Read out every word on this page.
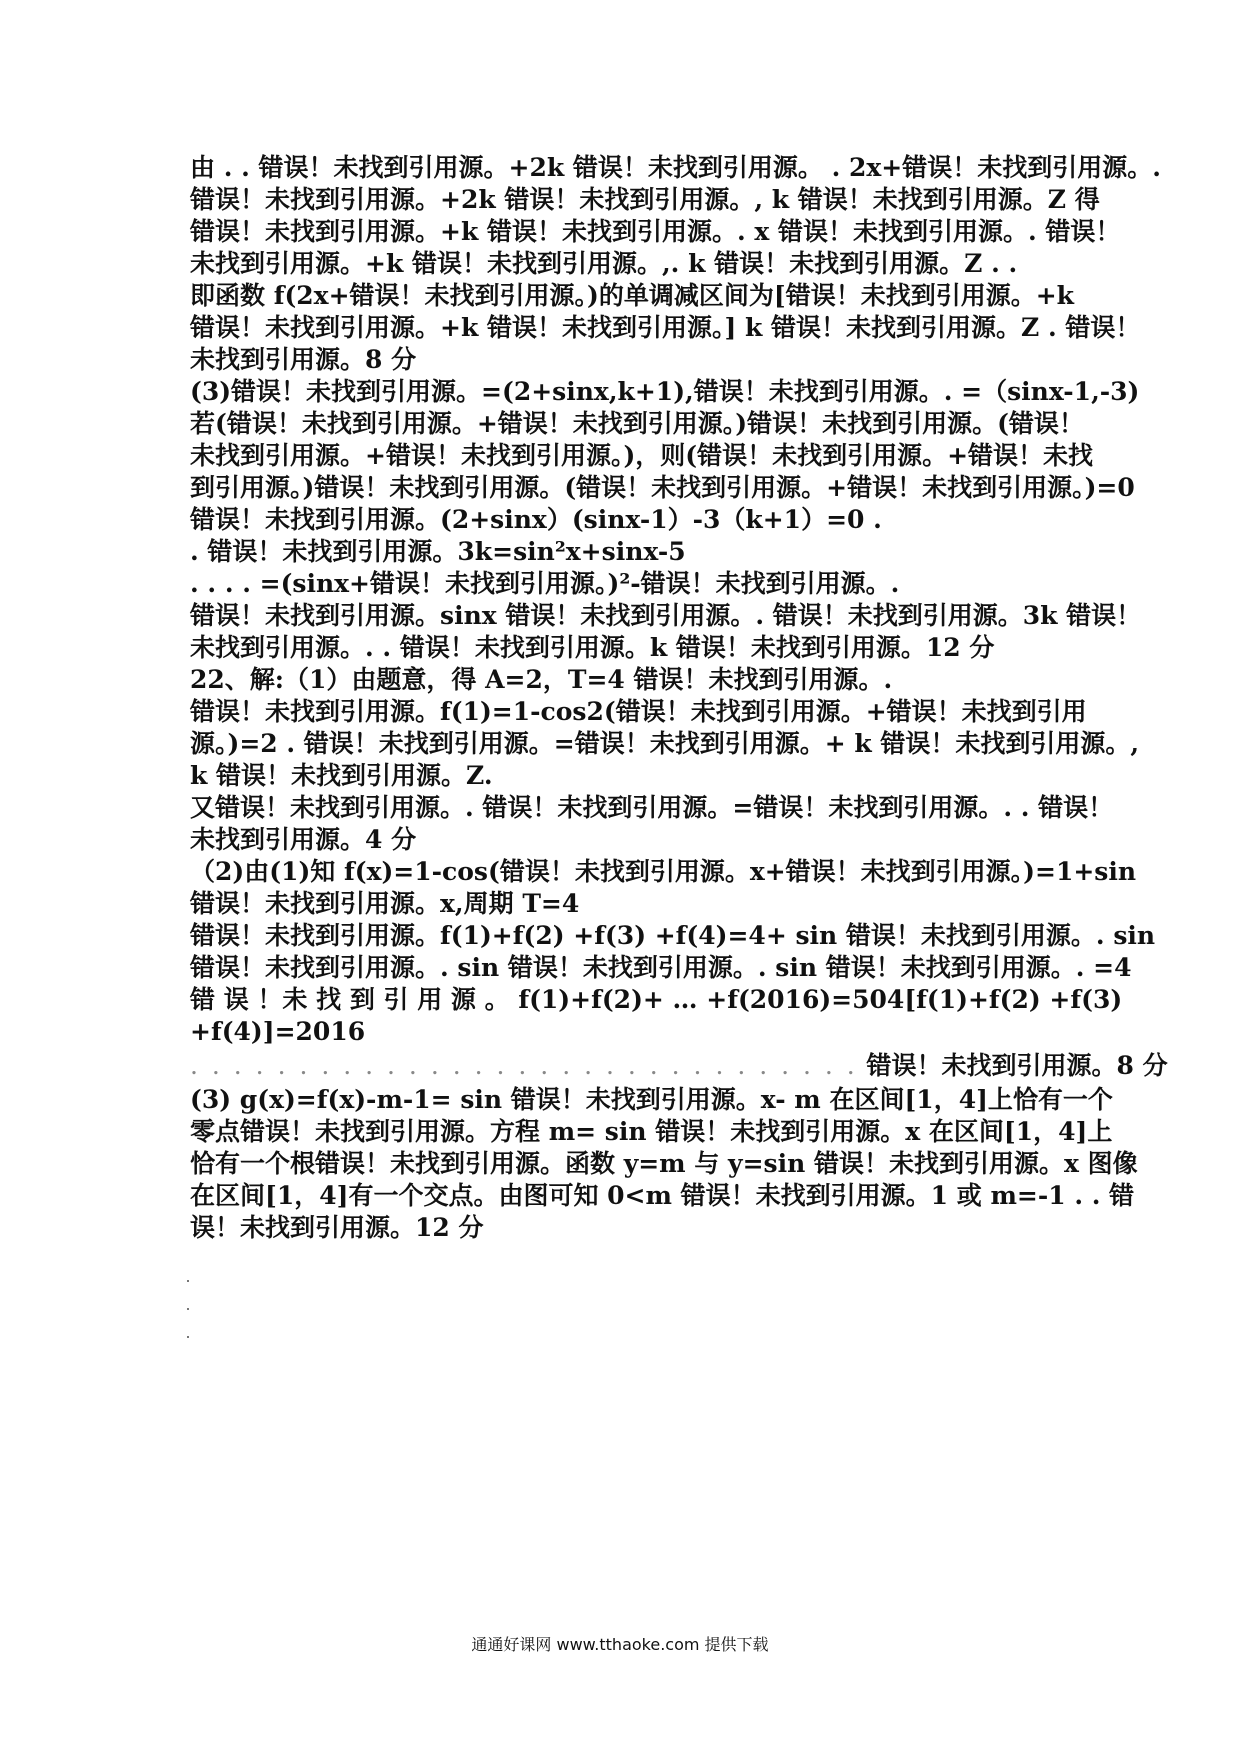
由 . . 错误！未找到引用源。+2k 错误！未找到引用源。 . 2x+错误！未找到引用源。.
错误！未找到引用源。+2k 错误！未找到引用源。, k 错误！未找到引用源。Z 得
错误！未找到引用源。+k 错误！未找到引用源。. x 错误！未找到引用源。. 错误！
未找到引用源。+k 错误！未找到引用源。,. k 错误！未找到引用源。Z . .
即函数 f(2x+错误！未找到引用源。)的单调减区间为[错误！未找到引用源。+k
错误！未找到引用源。+k 错误！未找到引用源。] k 错误！未找到引用源。Z . 错误！
未找到引用源。8 分
(3)错误！未找到引用源。=(2+sinx,k+1),错误！未找到引用源。. =（sinx-1,-3)
若(错误！未找到引用源。+错误！未找到引用源。)错误！未找到引用源。(错误！
未找到引用源。+错误！未找到引用源。)，则(错误！未找到引用源。+错误！未找
到引用源。)错误！未找到引用源。(错误！未找到引用源。+错误！未找到引用源。)=0
错误！未找到引用源。(2+sinx）(sinx-1）-3（k+1）=0 .
. 错误！未找到引用源。3k=sin²x+sinx-5
. . . . =(sinx+错误！未找到引用源。)²-错误！未找到引用源。.
错误！未找到引用源。sinx 错误！未找到引用源。. 错误！未找到引用源。3k 错误！
未找到引用源。. . 错误！未找到引用源。k 错误！未找到引用源。12 分
22、解:（1）由题意，得 A=2，T=4 错误！未找到引用源。.
错误！未找到引用源。f(1)=1-cos2(错误！未找到引用源。+错误！未找到引用
源。)=2 . 错误！未找到引用源。=错误！未找到引用源。+ k 错误！未找到引用源。,
k 错误！未找到引用源。Z.
又错误！未找到引用源。. 错误！未找到引用源。=错误！未找到引用源。. . 错误！
未找到引用源。4 分
（2)由(1)知 f(x)=1-cos(错误！未找到引用源。x+错误！未找到引用源。)=1+sin
错误！未找到引用源。x,周期 T=4
错误！未找到引用源。f(1)+f(2) +f(3) +f(4)=4+ sin 错误！未找到引用源。. sin
错误！未找到引用源。. sin 错误！未找到引用源。. sin 错误！未找到引用源。. =4
错 误 ！未 找 到 引 用 源 。 f(1)+f(2)+ … +f(2016)=504[f(1)+f(2) +f(3)
+f(4)]=2016
. . . . . . . . . . . . . . . . . . . . . . . . . . . . . . . 错误！未找到引用源。8 分
(3) g(x)=f(x)-m-1= sin 错误！未找到引用源。x- m 在区间[1，4]上恰有一个
零点错误！未找到引用源。方程 m= sin 错误！未找到引用源。x 在区间[1，4]上
恰有一个根错误！未找到引用源。函数 y=m 与 y=sin 错误！未找到引用源。x 图像
在区间[1，4]有一个交点。由图可知 0<m 错误！未找到引用源。1 或 m=-1 . . 错
误！未找到引用源。12 分
通通好课网 www.tthaoke.com 提供下载
